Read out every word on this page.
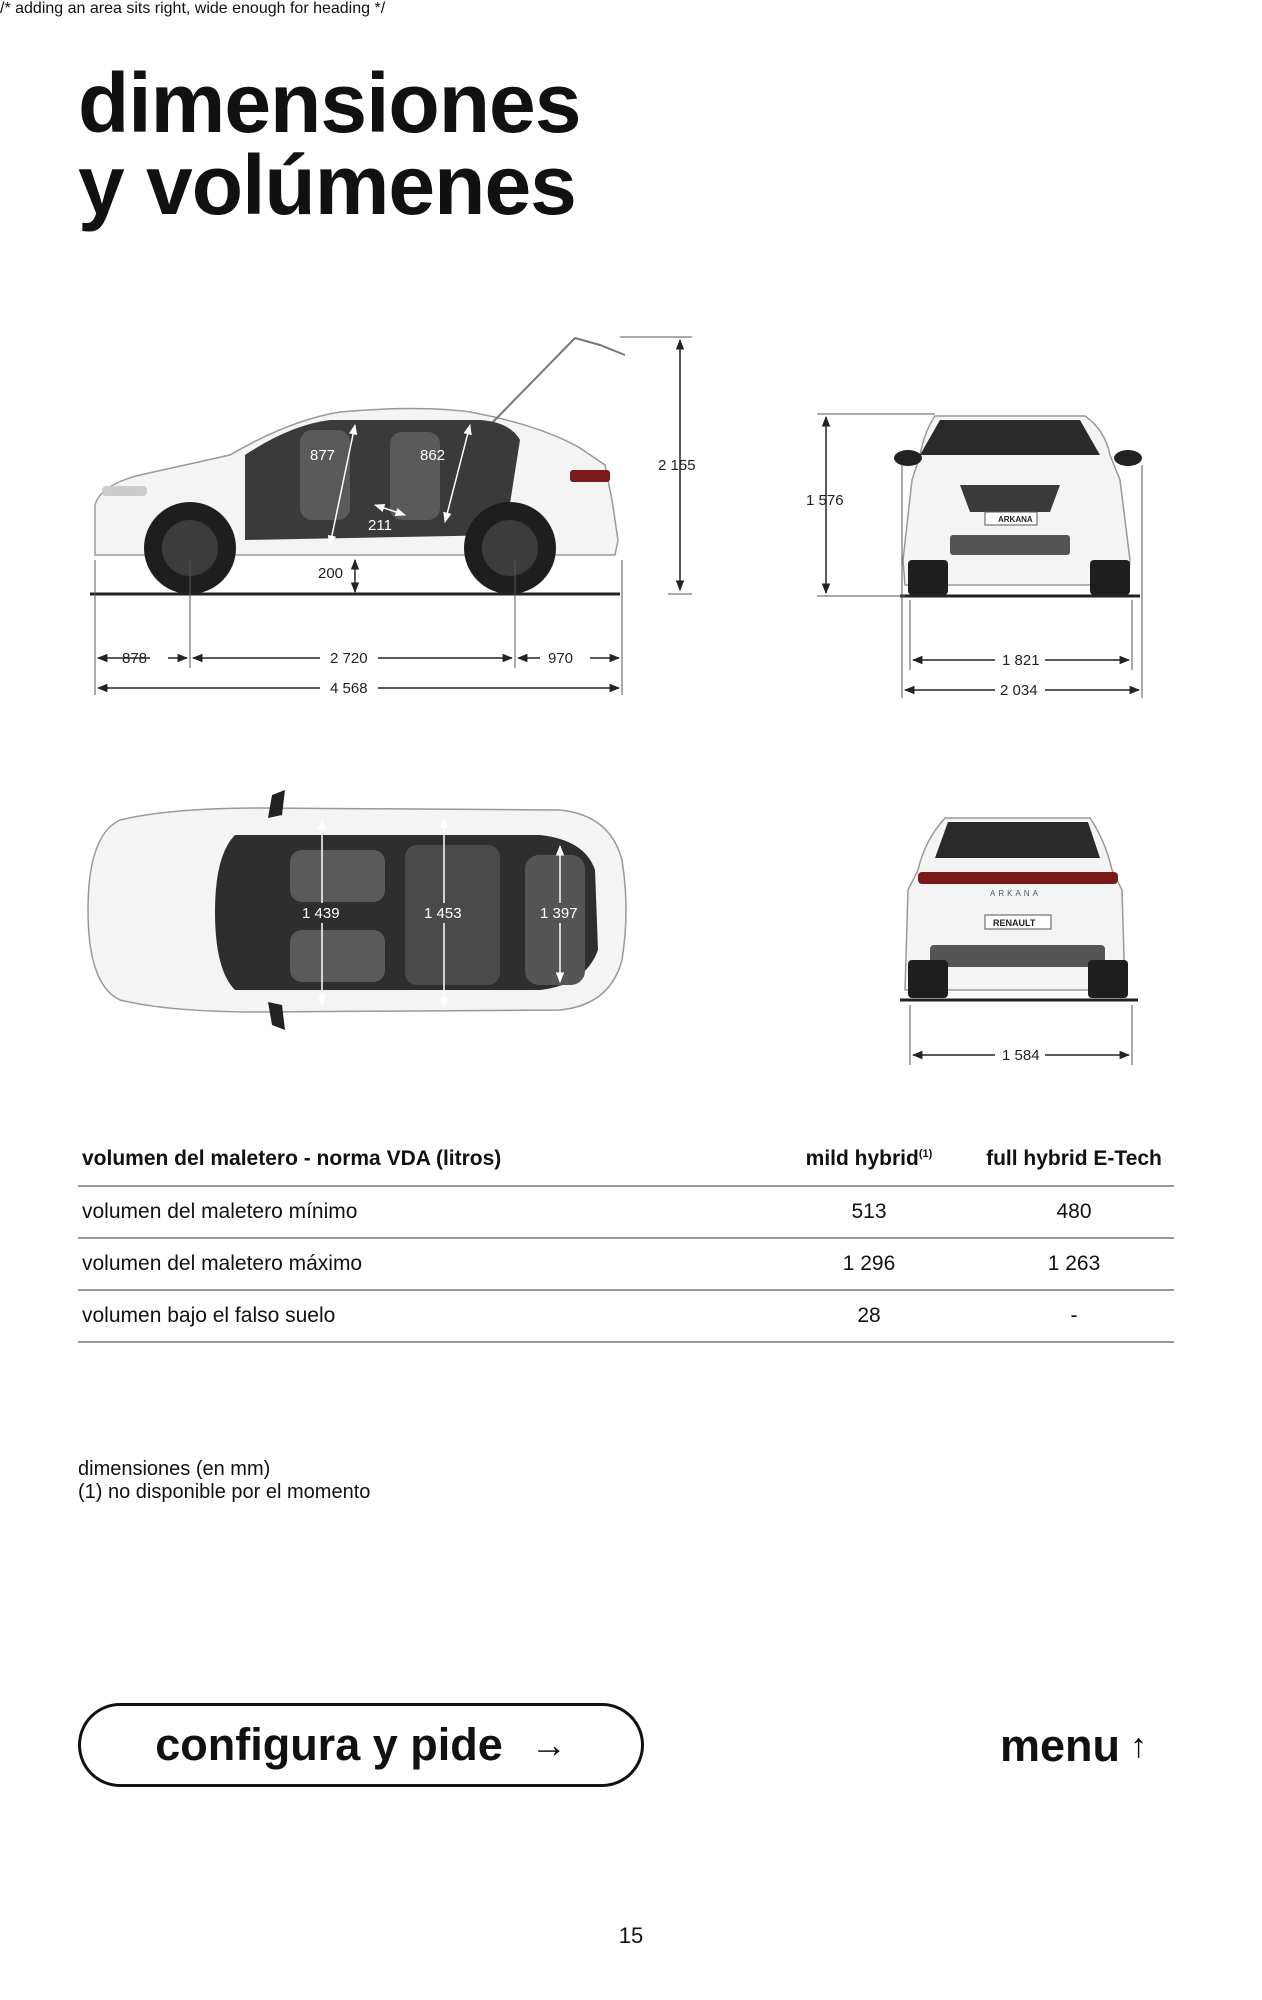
dimensiones
y volúmenes
877	862
211
200
2 155
878	2 720	970
4 568
ARKANA
1 576
1 821
2 034
1 439	1 453	1 397
ARKANA
RENAULT
1 584
/* adding an area sits right, wide enough for heading */
volumen del maletero - norma VDA (litros)	mild hybrid$^{(1)}$	full hybrid E-Tech
volumen del maletero mínimo	513	480
volumen del maletero máximo	1 296	1 263
volumen bajo el falso suelo	28	-
dimensiones (en mm)
(1) no disponible por el momento
configura y pide →	menu ↑
15
